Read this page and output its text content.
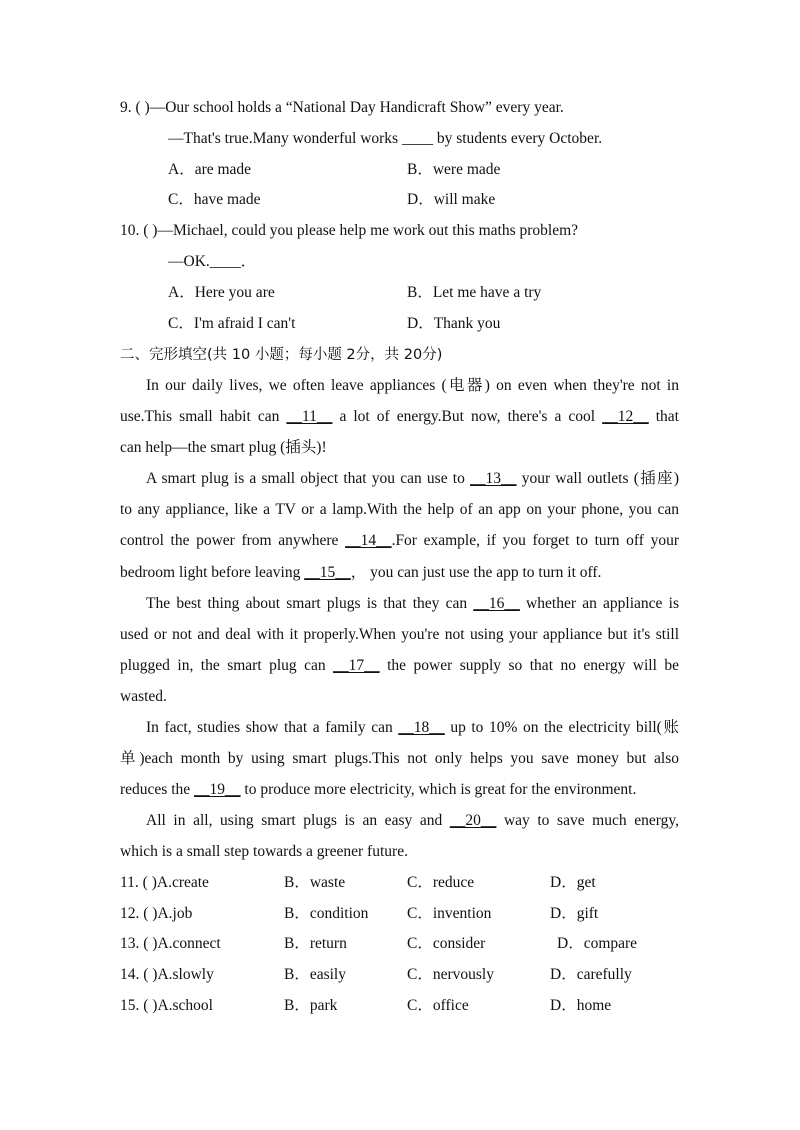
9. ( )—Our school holds a “National Day Handicraft Show” every year.
—That's true.Many wonderful works ____ by students every October.
A．are made	B．were made
C．have made	D．will make
10. ( )—Michael, could you please help me work out this maths problem?
—OK.____．
A．Here you are	B．Let me have a try
C．I'm afraid I can't	D．Thank you
二、完形填空(共 10 小题；每小题 2分，共 20分)
In our daily lives, we often leave appliances (电器) on even when they're not in
use.This small habit can __11__ a lot of energy.But now, there's a cool __12__ that
can help—the smart plug (插头)!
A smart plug is a small object that you can use to __13__ your wall outlets (插座)
to any appliance, like a TV or a lamp.With the help of an app on your phone, you can
control the power from anywhere __14__.For example, if you forget to turn off your
bedroom light before leaving __15__， you can just use the app to turn it off.
The best thing about smart plugs is that they can __16__ whether an appliance is
used or not and deal with it properly.When you're not using your appliance but it's still
plugged in, the smart plug can __17__ the power supply so that no energy will be
wasted.
In fact, studies show that a family can __18__ up to 10% on the electricity bill(账
单)each month by using smart plugs.This not only helps you save money but also
reduces the __19__ to produce more electricity, which is great for the environment.
All in all, using smart plugs is an easy and __20__ way to save much energy,
which is a small step towards a greener future.
11. ( )A.create	B．waste	C．reduce	D．get
12. ( )A.job	B．condition C．invention	D．gift
13. ( )A.connect	B．return	C．consider	D．compare
14. ( )A.slowly	B．easily	C．nervously	D．carefully
15. ( )A.school	B．park	C．office	D．home
